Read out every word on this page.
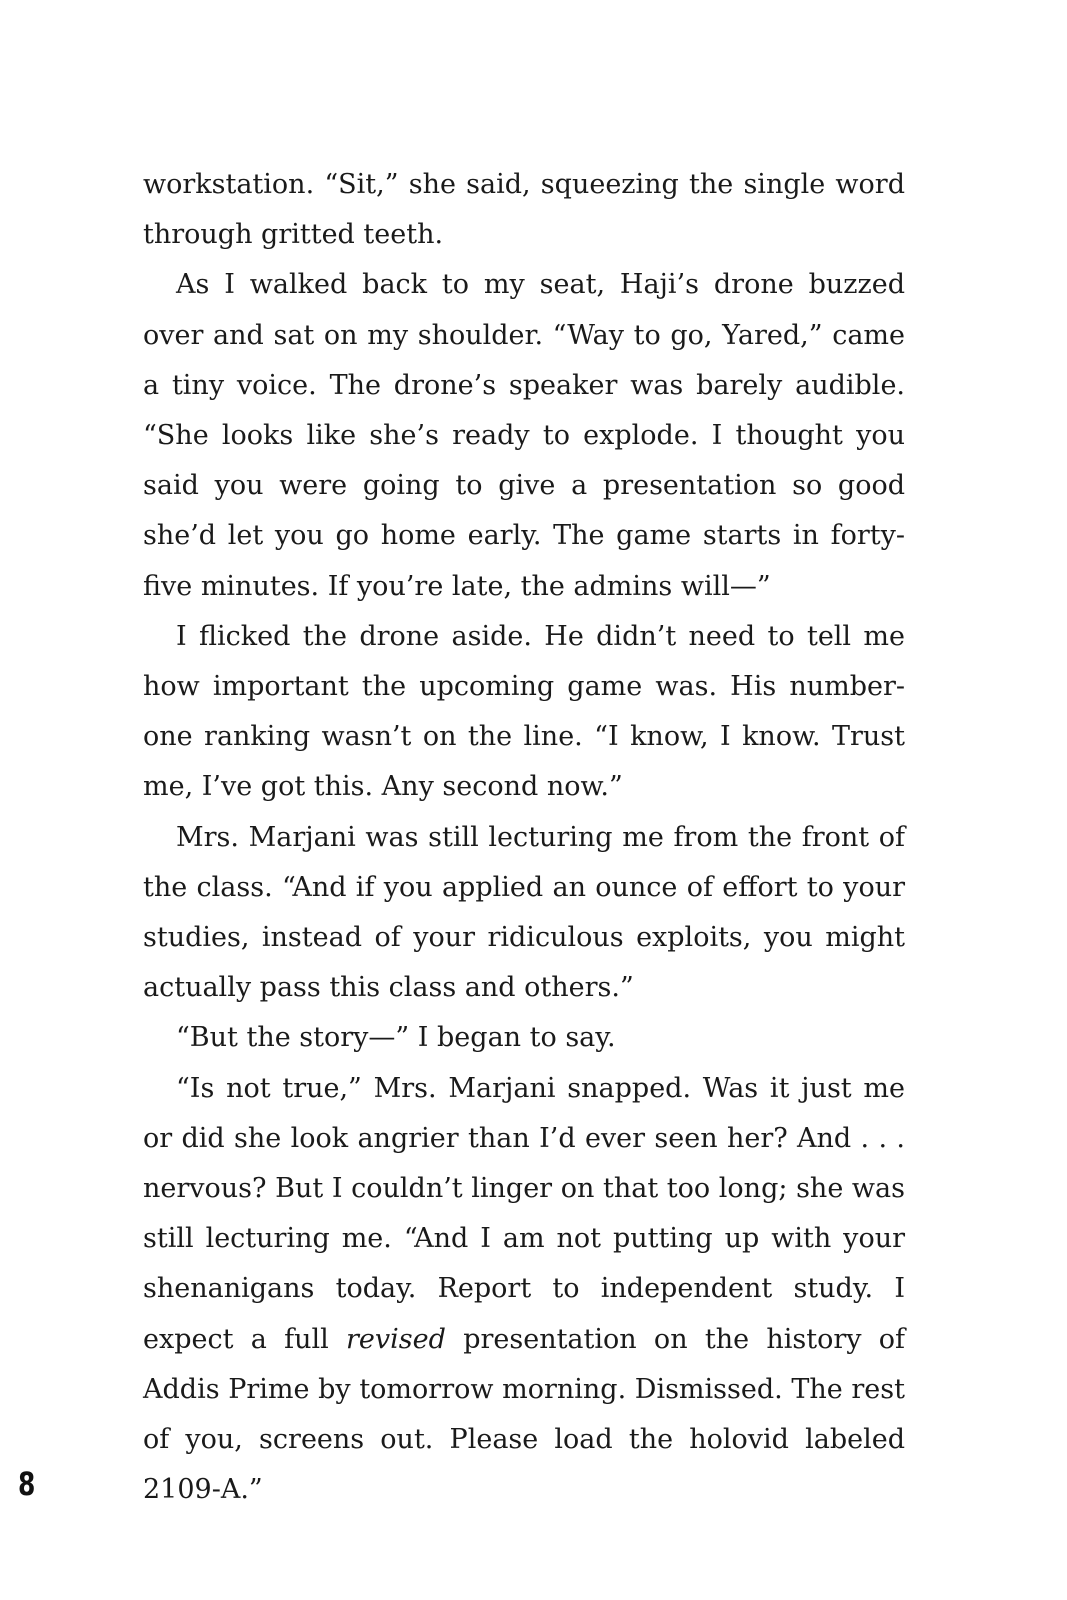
workstation. “Sit,” she said, squeezing the single word through gritted teeth.

As I walked back to my seat, Haji’s drone buzzed over and sat on my shoulder. “Way to go, Yared,” came a tiny voice. The drone’s speaker was barely audible. “She looks like she’s ready to explode. I thought you said you were going to give a presentation so good she’d let you go home early. The game starts in forty-five minutes. If you’re late, the admins will—”

I flicked the drone aside. He didn’t need to tell me how important the upcoming game was. His number-one ranking wasn’t on the line. “I know, I know. Trust me, I’ve got this. Any second now.”

Mrs. Marjani was still lecturing me from the front of the class. “And if you applied an ounce of effort to your studies, instead of your ridiculous exploits, you might actually pass this class and others.”

“But the story—” I began to say.

“Is not true,” Mrs. Marjani snapped. Was it just me or did she look angrier than I’d ever seen her? And . . . nervous? But I couldn’t linger on that too long; she was still lecturing me. “And I am not putting up with your shenanigans today. Report to independent study. I expect a full revised presentation on the history of Addis Prime by tomorrow morning. Dismissed. The rest of you, screens out. Please load the holovid labeled 2109-A.”

8
